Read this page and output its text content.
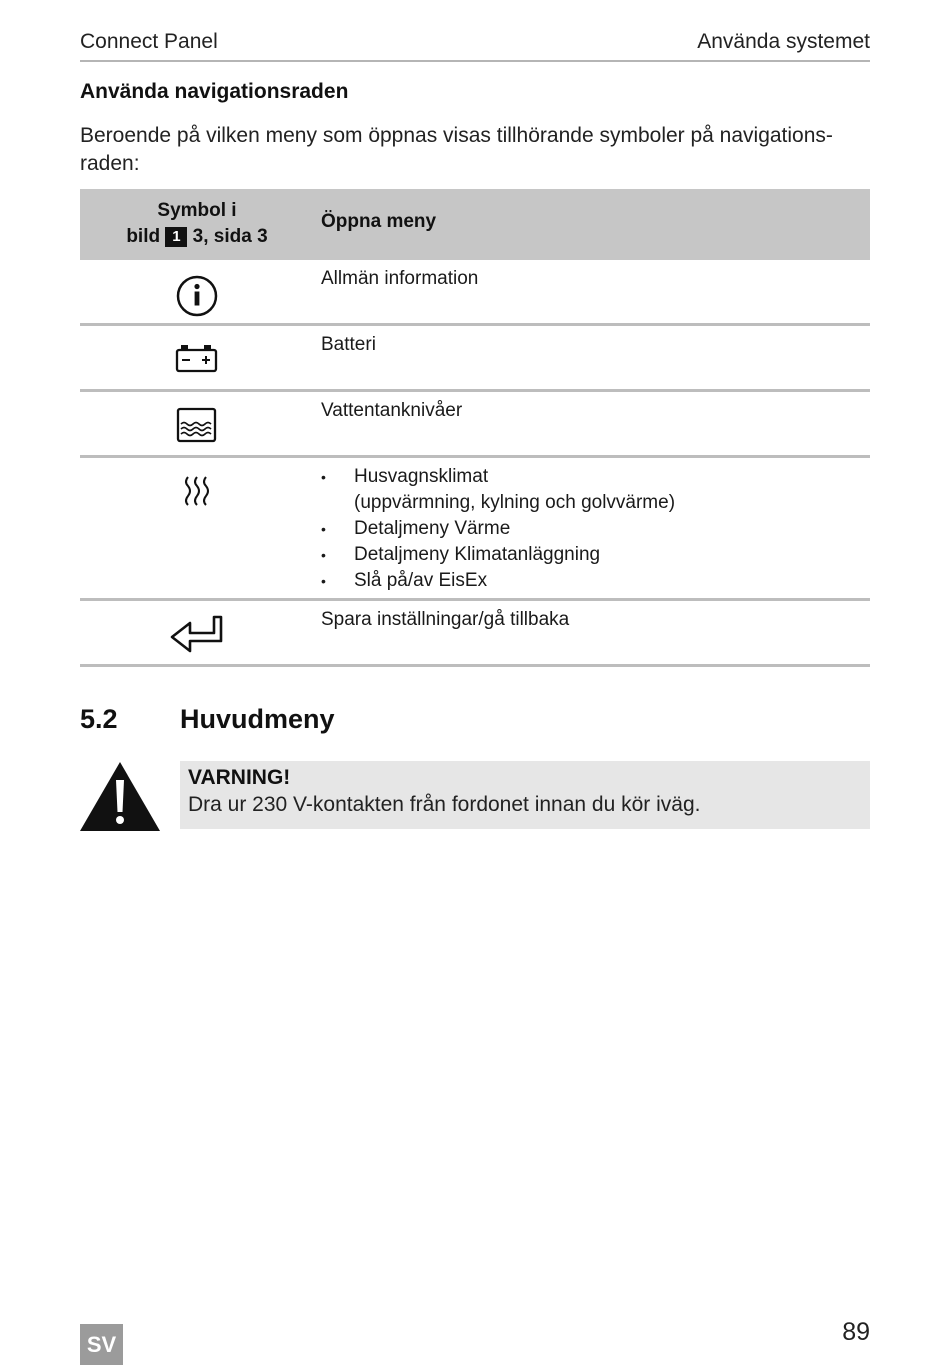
Connect Panel	Använda systemet
Använda navigationsraden
Beroende på vilken meny som öppnas visas tillhörande symboler på navigations-raden:
Symbol i
bild 1 3, sida 3
Öppna meny
Allmän information
Batteri
Vattentanknivåer
• Husvagnsklimat
(uppvärmning, kylning och golvvärme)
• Detaljmeny Värme
• Detaljmeny Klimatanläggning
• Slå på/av EisEx
Spara inställningar/gå tillbaka
5.2 Huvudmeny
VARNING!
Dra ur 230 V-kontakten från fordonet innan du kör iväg.
SV	89
